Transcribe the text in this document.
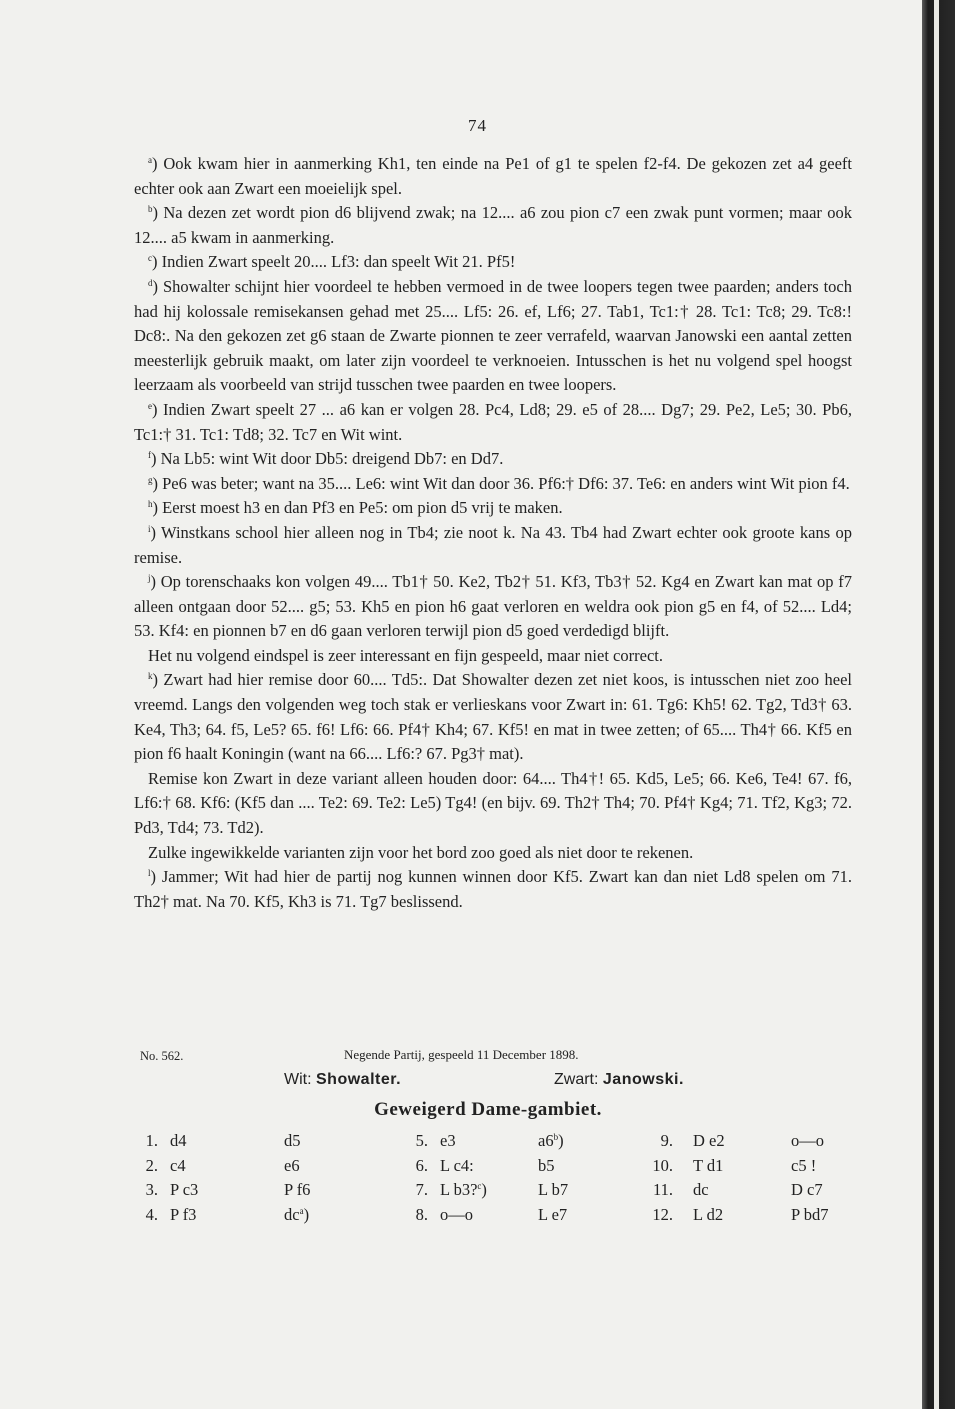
74

$^a$) Ook kwam hier in aanmerking Kh1, ten einde na Pe1 of g1 te spelen f2-f4. De gekozen zet a4 geeft echter ook aan Zwart een moeielijk spel.

$^b$) Na dezen zet wordt pion d6 blijvend zwak; na 12.... a6 zou pion c7 een zwak punt vormen; maar ook 12.... a5 kwam in aanmerking.

$^c$) Indien Zwart speelt 20.... Lf3: dan speelt Wit 21. Pf5!

$^d$) Showalter schijnt hier voordeel te hebben vermoed in de twee loopers tegen twee paarden; anders toch had hij kolossale remisekansen gehad met 25.... Lf5: 26. ef, Lf6; 27. Tab1, Tc1:† 28. Tc1: Tc8; 29. Tc8:! Dc8:. Na den gekozen zet g6 staan de Zwarte pionnen te zeer verrafeld, waarvan Janowski een aantal zetten meesterlijk gebruik maakt, om later zijn voordeel te verknoeien. Intusschen is het nu volgend spel hoogst leerzaam als voorbeeld van strijd tusschen twee paarden en twee loopers.

$^e$) Indien Zwart speelt 27 ... a6 kan er volgen 28. Pc4, Ld8; 29. e5 of 28.... Dg7; 29. Pe2, Le5; 30. Pb6, Tc1:† 31. Tc1: Td8; 32. Tc7 en Wit wint.

$^f$) Na Lb5: wint Wit door Db5: dreigend Db7: en Dd7.

$^g$) Pe6 was beter; want na 35.... Le6: wint Wit dan door 36. Pf6:† Df6: 37. Te6: en anders wint Wit pion f4.

$^h$) Eerst moest h3 en dan Pf3 en Pe5: om pion d5 vrij te maken.

$^i$) Winstkans school hier alleen nog in Tb4; zie noot k. Na 43. Tb4 had Zwart echter ook groote kans op remise.

$^j$) Op torenschaaks kon volgen 49.... Tb1† 50. Ke2, Tb2† 51. Kf3, Tb3† 52. Kg4 en Zwart kan mat op f7 alleen ontgaan door 52.... g5; 53. Kh5 en pion h6 gaat verloren en weldra ook pion g5 en f4, of 52.... Ld4; 53. Kf4: en pionnen b7 en d6 gaan verloren terwijl pion d5 goed verdedigd blijft.

Het nu volgend eindspel is zeer interessant en fijn gespeeld, maar niet correct.

$^k$) Zwart had hier remise door 60.... Td5:. Dat Showalter dezen zet niet koos, is intusschen niet zoo heel vreemd. Langs den volgenden weg toch stak er verlieskans voor Zwart in: 61. Tg6: Kh5! 62. Tg2, Td3† 63. Ke4, Th3; 64. f5, Le5? 65. f6! Lf6: 66. Pf4† Kh4; 67. Kf5! en mat in twee zetten; of 65.... Th4† 66. Kf5 en pion f6 haalt Koningin (want na 66.... Lf6:? 67. Pg3† mat).

Remise kon Zwart in deze variant alleen houden door: 64.... Th4†! 65. Kd5, Le5; 66. Ke6, Te4! 67. f6, Lf6:† 68. Kf6: (Kf5 dan .... Te2: 69. Te2: Le5) Tg4! (en bijv. 69. Th2† Th4; 70. Pf4† Kg4; 71. Tf2, Kg3; 72. Pd3, Td4; 73. Td2).

Zulke ingewikkelde varianten zijn voor het bord zoo goed als niet door te rekenen.

$^l$) Jammer; Wit had hier de partij nog kunnen winnen door Kf5. Zwart kan dan niet Ld8 spelen om 71. Th2† mat. Na 70. Kf5, Kh3 is 71. Tg7 beslissend.

No. 562.	Negende Partij, gespeeld 11 December 1898.
Wit: Showalter.	Zwart: Janowski.
Geweigerd Dame-gambiet.
1. d4	d5
2. c4	e6
3. P c3	P f6
4. P f3	$dc^a$)
5. e3	a6$^b$)
6. L c4:	b5
7. L b3?$^c$)	L b7
8. o—o	L e7
9. D e2	o—o
10. T d1	c5 !
11. dc	D c7
12. L d2	P bd7
